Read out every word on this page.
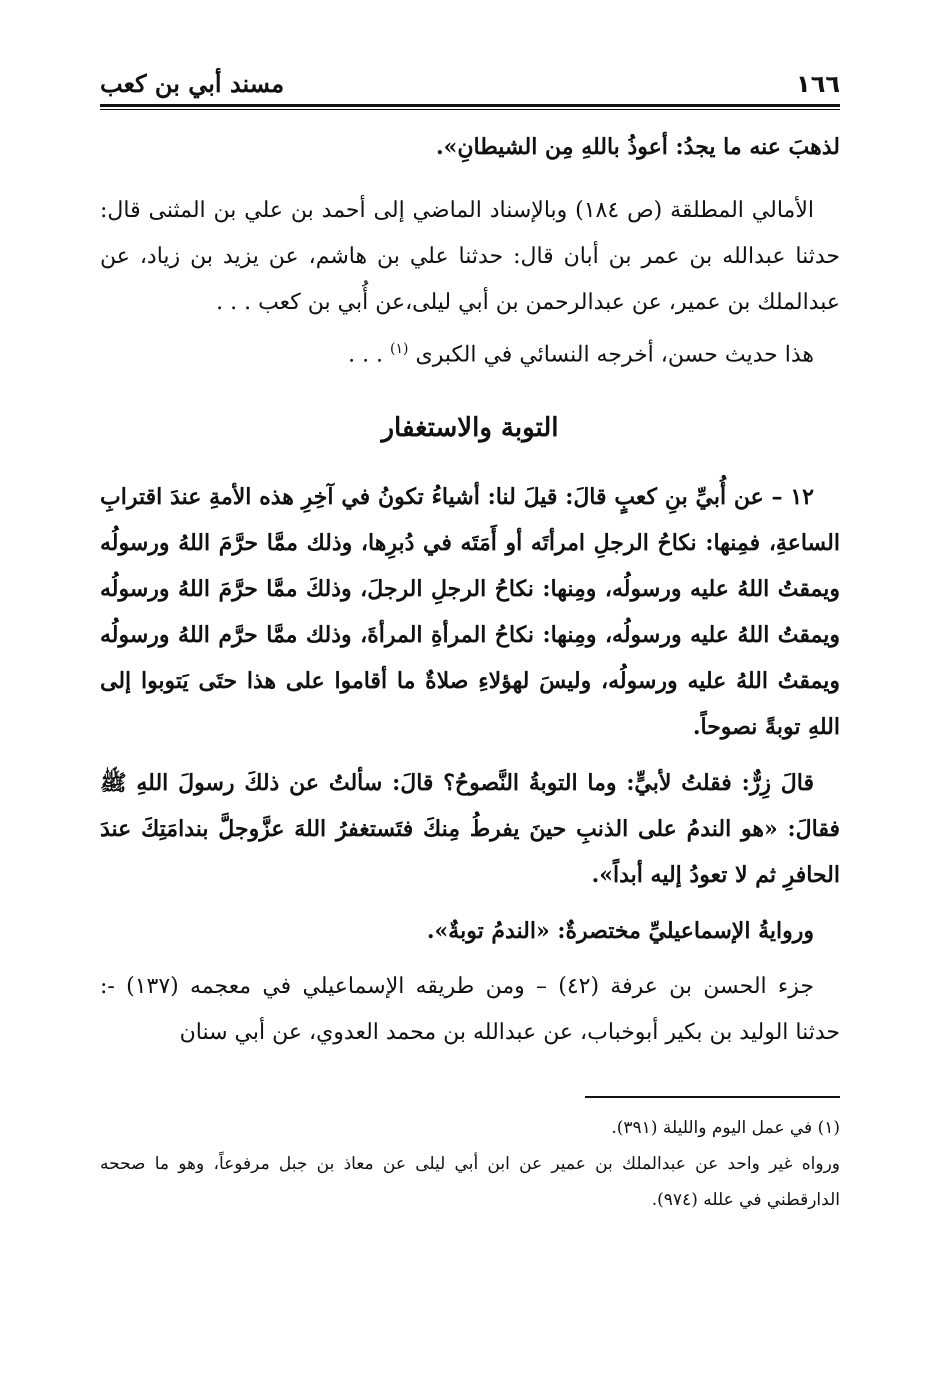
١٦٦
مسند أبي بن كعب

لذهبَ عنه ما يجدُ: أعوذُ باللهِ مِن الشيطانِ».

الأمالي المطلقة (ص ١٨٤) وبالإسناد الماضي إلى أحمد بن علي بن المثنى قال: حدثنا عبدالله بن عمر بن أبان قال: حدثنا علي بن هاشم، عن يزيد بن زياد، عن عبدالملك بن عمير، عن عبدالرحمن بن أبي ليلى،عن أُبي بن كعب . . .

هذا حديث حسن، أخرجه النسائي في الكبرى $^{(١)}$ . . .

التوبة والاستغفار

١٢ – عن أُبيِّ بنِ كعبٍ قالَ: قيلَ لنا: أشياءُ تكونُ في آخِرِ هذه الأمةِ عندَ اقترابِ الساعةِ، فمِنها: نكاحُ الرجلِ امرأتَه أو أَمَتَه في دُبرِها، وذلك ممَّا حرَّمَ اللهُ ورسولُه ويمقتُ اللهُ عليه ورسولُه، ومِنها: نكاحُ الرجلِ الرجلَ، وذلكَ ممَّا حرَّمَ اللهُ ورسولُه ويمقتُ اللهُ عليه ورسولُه، ومِنها: نكاحُ المرأةِ المرأةَ، وذلك ممَّا حرَّم اللهُ ورسولُه ويمقتُ اللهُ عليه ورسولُه، وليسَ لهؤلاءِ صلاةٌ ما أقاموا على هذا حتَى يَتوبوا إلى اللهِ توبةً نصوحاً.

قالَ زِرٌّ: فقلتُ لأبيٍّ: وما التوبةُ النَّصوحُ؟ قالَ: سألتُ عن ذلكَ رسولَ اللهِ ﷺ فقالَ: «هو الندمُ على الذنبِ حينَ يفرطُ مِنكَ فتَستغفرُ اللهَ عزَّوجلَّ بندامَتِكَ عندَ الحافرِ ثم لا تعودُ إليه أبداً».

وروايةُ الإسماعيليِّ مختصرةٌ: «الندمُ توبةٌ».

جزء الحسن بن عرفة (٤٢) – ومن طريقه الإسماعيلي في معجمه (١٣٧) -: حدثنا الوليد بن بكير أبوخباب، عن عبدالله بن محمد العدوي، عن أبي سنان

(١) في عمل اليوم والليلة (٣٩١).

ورواه غير واحد عن عبدالملك بن عمير عن ابن أبي ليلى عن معاذ بن جبل مرفوعاً، وهو ما صححه الدارقطني في علله (٩٧٤).
